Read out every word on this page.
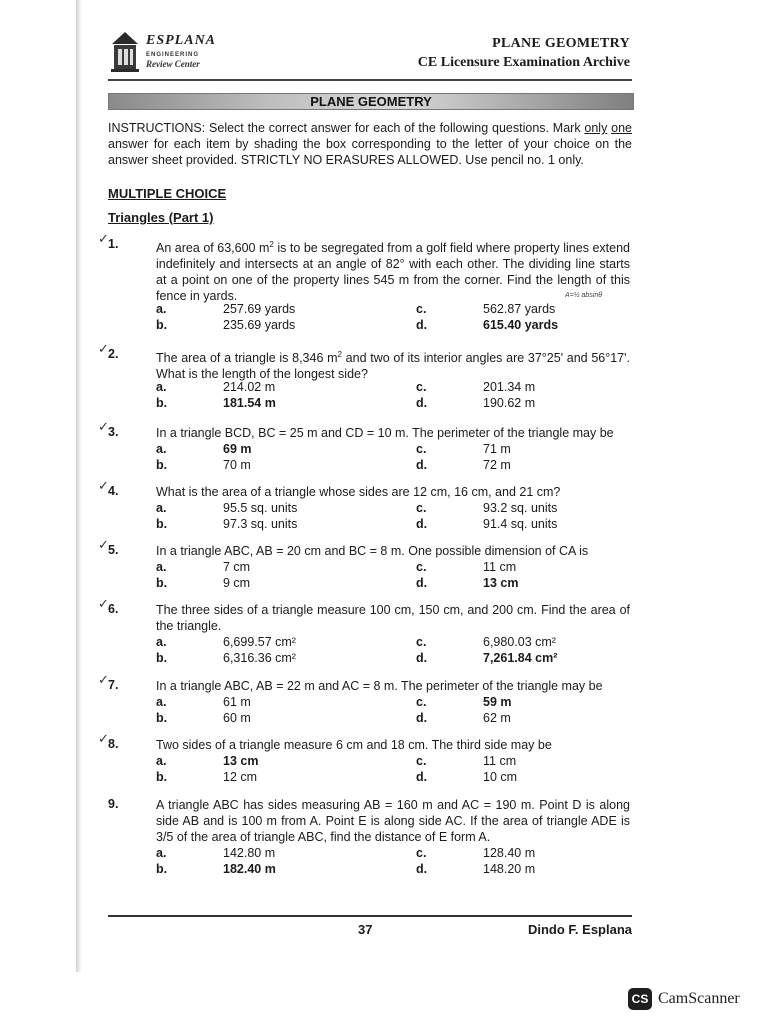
ESPLANA
ENGINEERING
Review Center
PLANE GEOMETRY
CE Licensure Examination Archive
PLANE GEOMETRY
INSTRUCTIONS: Select the correct answer for each of the following questions. Mark only one answer for each item by shading the box corresponding to the letter of your choice on the answer sheet provided. STRICTLY NO ERASURES ALLOWED. Use pencil no. 1 only.
MULTIPLE CHOICE
Triangles (Part 1)
A=½ absinθ
✓ 1.	An area of 63,600 $m^2$ is to be segregated from a golf field where property lines extend indefinitely and intersects at an angle of 82° with each other. The dividing line starts at a point on one of the property lines 545 m from the corner. Find the length of this fence in yards.
a.	257.69 yards
b.	235.69 yards
c.	562.87 yards
d.	615.40 yards
✓ 2.	The area of a triangle is 8,346 $m^2$ and two of its interior angles are 37°25' and 56°17'. What is the length of the longest side?
a.	214.02 m
b.	181.54 m
c.	201.34 m
d.	190.62 m
✓ 3.	In a triangle BCD, BC = 25 m and CD = 10 m. The perimeter of the triangle may be
a.	69 m
b.	70 m
c.	71 m
d.	72 m
✓ 4.	What is the area of a triangle whose sides are 12 cm, 16 cm, and 21 cm?
a.	95.5 sq. units
b.	97.3 sq. units
c.	93.2 sq. units
d.	91.4 sq. units
✓ 5.	In a triangle ABC, AB = 20 cm and BC = 8 m. One possible dimension of CA is
a.	7 cm
b.	9 cm
c.	11 cm
d.	13 cm
✓ 6.	The three sides of a triangle measure 100 cm, 150 cm, and 200 cm. Find the area of the triangle.
a.	6,699.57 cm²
b.	6,316.36 cm²
c.	6,980.03 cm²
d.	7,261.84 cm²
✓ 7.	In a triangle ABC, AB = 22 m and AC = 8 m. The perimeter of the triangle may be
a.	61 m
b.	60 m
c.	59 m
d.	62 m
✓ 8.	Two sides of a triangle measure 6 cm and 18 cm. The third side may be
a.	13 cm
b.	12 cm
c.	11 cm
d.	10 cm
9.	A triangle ABC has sides measuring AB = 160 m and AC = 190 m. Point D is along side AB and is 100 m from A. Point E is along side AC. If the area of triangle ADE is 3/5 of the area of triangle ABC, find the distance of E form A.
a.	142.80 m
b.	182.40 m
c.	128.40 m
d.	148.20 m
37	Dindo F. Esplana
CS CamScanner
